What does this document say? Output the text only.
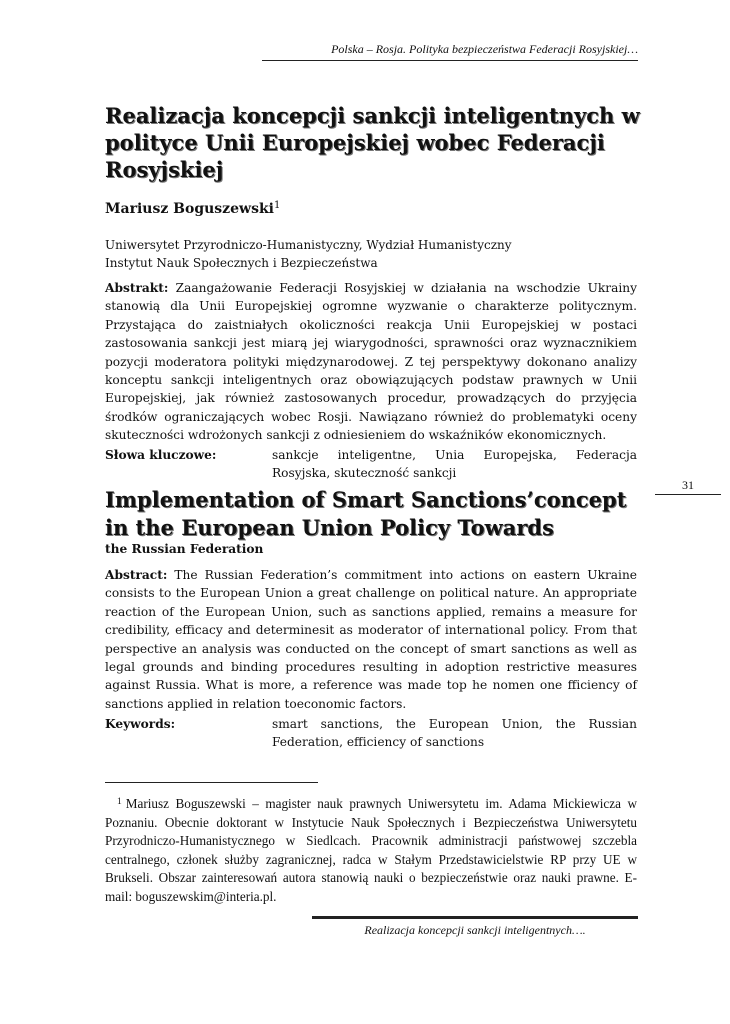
Polska – Rosja. Polityka bezpieczeństwa Federacji Rosyjskiej…
Realizacja koncepcji sankcji inteligentnych w polityce Unii Europejskiej wobec Federacji Rosyjskiej
Mariusz Boguszewski$^1$
Uniwersytet Przyrodniczo-Humanistyczny, Wydział Humanistyczny
Instytut Nauk Społecznych i Bezpieczeństwa

Abstrakt: Zaangażowanie Federacji Rosyjskiej w działania na wschodzie Ukrainy stanowią dla Unii Europejskiej ogromne wyzwanie o charakterze politycznym. Przystająca do zaistniałych okoliczności reakcja Unii Europejskiej w postaci zastosowania sankcji jest miarą jej wiarygodności, sprawności oraz wyznacznikiem pozycji moderatora polityki międzynarodowej. Z tej perspektywy dokonano analizy konceptu sankcji inteligentnych oraz obowiązujących podstaw prawnych w Unii Europejskiej, jak również zastosowanych procedur, prowadzących do przyjęcia środków ograniczających wobec Rosji. Nawiązano również do problematyki oceny skuteczności wdrożonych sankcji z odniesieniem do wskaźników ekonomicznych.

Słowa kluczowe:	sankcje inteligentne, Unia Europejska, Federacja Rosyjska, skuteczność sankcji
31
Implementation of Smart Sanctions’concept in the European Union Policy Towards
the Russian Federation

Abstract: The Russian Federation’s commitment into actions on eastern Ukraine consists to the European Union a great challenge on political nature. An appropriate reaction of the European Union, such as sanctions applied, remains a measure for credibility, efficacy and determinesit as moderator of international policy. From that perspective an analysis was conducted on the concept of smart sanctions as well as legal grounds and binding procedures resulting in adoption restrictive measures against Russia. What is more, a reference was made top he nomen one fficiency of sanctions applied in relation toeconomic factors.

Keywords:	smart sanctions, the European Union, the Russian Federation, efficiency of sanctions
$^1$ Mariusz Boguszewski – magister nauk prawnych Uniwersytetu im. Adama Mickiewicza w Poznaniu. Obecnie doktorant w Instytucie Nauk Społecznych i Bezpieczeństwa Uniwersytetu Przyrodniczo-Humanistycznego w Siedlcach. Pracownik administracji państwowej szczebla centralnego, członek służby zagranicznej, radca w Stałym Przedstawicielstwie RP przy UE w Brukseli. Obszar zainteresowań autora stanowią nauki o bezpieczeństwie oraz nauki prawne. E-mail: boguszewskim@interia.pl.
Realizacja koncepcji sankcji inteligentnych….
